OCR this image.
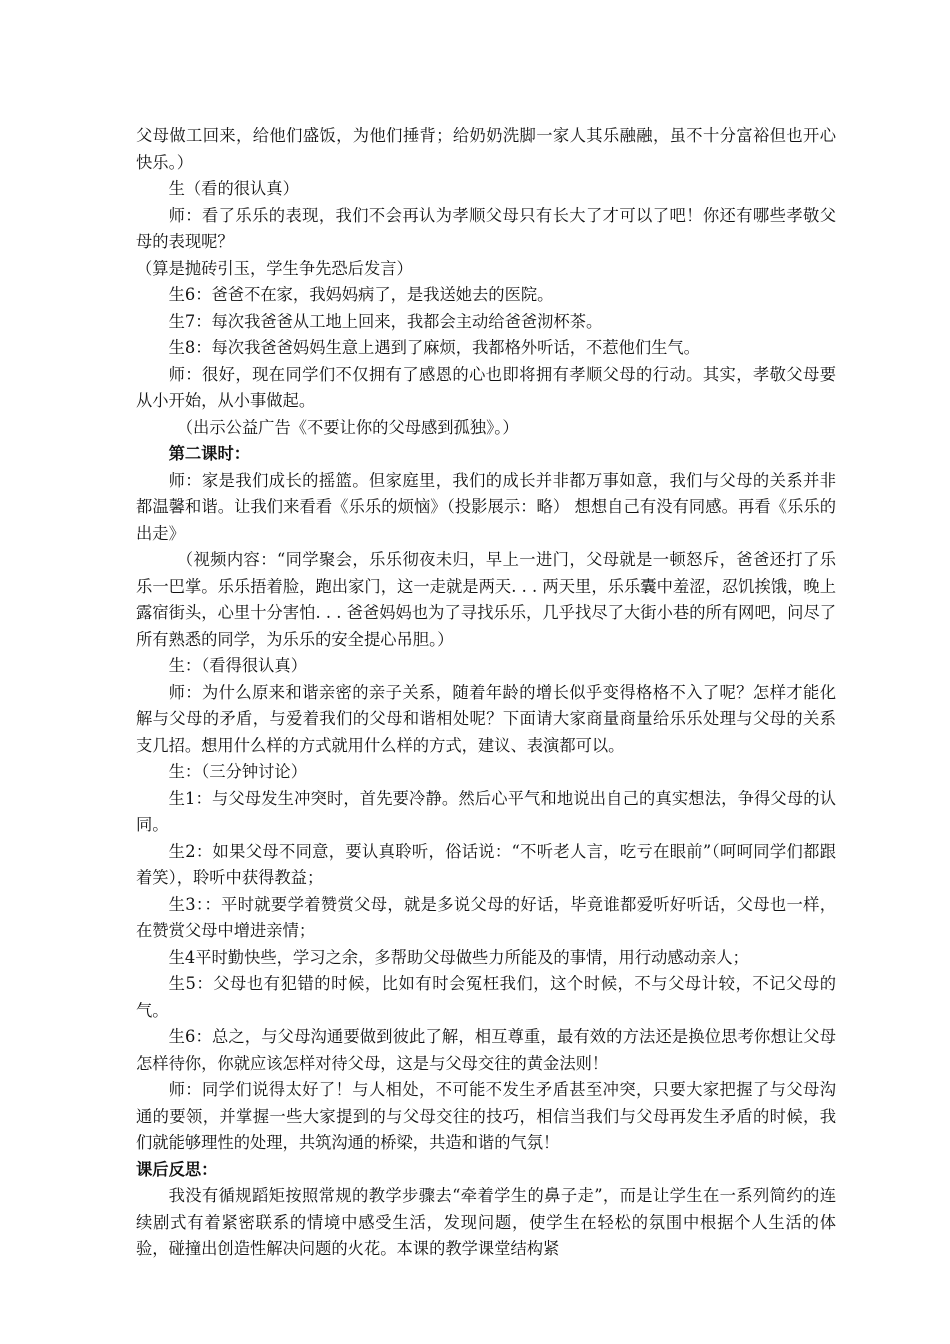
父母做工回来，给他们盛饭，为他们捶背；给奶奶洗脚一家人其乐融融，虽不十分富裕但也开心快乐。）

生（看的很认真）

师：看了乐乐的表现，我们不会再认为孝顺父母只有长大了才可以了吧！你还有哪些孝敬父母的表现呢？

（算是抛砖引玉，学生争先恐后发言）

生6：爸爸不在家，我妈妈病了，是我送她去的医院。

生7：每次我爸爸从工地上回来，我都会主动给爸爸沏杯茶。

生8：每次我爸爸妈妈生意上遇到了麻烦，我都格外听话，不惹他们生气。

师：很好，现在同学们不仅拥有了感恩的心也即将拥有孝顺父母的行动。其实，孝敬父母要从小开始，从小事做起。

（出示公益广告《不要让你的父母感到孤独》。）

第二课时：

师：家是我们成长的摇篮。但家庭里，我们的成长并非都万事如意，我们与父母的关系并非都温馨和谐。让我们来看看《乐乐的烦恼》（投影展示：略） 想想自己有没有同感。再看《乐乐的出走》

（视频内容：“同学聚会，乐乐彻夜未归，早上一进门，父母就是一顿怒斥，爸爸还打了乐乐一巴掌。乐乐捂着脸，跑出家门，这一走就是两天. . . 两天里，乐乐囊中羞涩，忍饥挨饿，晚上露宿街头，心里十分害怕. . . 爸爸妈妈也为了寻找乐乐，几乎找尽了大街小巷的所有网吧，问尽了所有熟悉的同学，为乐乐的安全提心吊胆。）

生：（看得很认真）

师：为什么原来和谐亲密的亲子关系，随着年龄的增长似乎变得格格不入了呢？怎样才能化解与父母的矛盾，与爱着我们的父母和谐相处呢？下面请大家商量商量给乐乐处理与父母的关系支几招。想用什么样的方式就用什么样的方式，建议、表演都可以。

生：（三分钟讨论）

生1：与父母发生冲突时，首先要冷静。然后心平气和地说出自己的真实想法，争得父母的认同。

生2：如果父母不同意，要认真聆听，俗话说：“不听老人言，吃亏在眼前”（呵呵同学们都跟着笑），聆听中获得教益；

生3：：平时就要学着赞赏父母，就是多说父母的好话，毕竟谁都爱听好听话，父母也一样，在赞赏父母中增进亲情；

生4平时勤快些，学习之余，多帮助父母做些力所能及的事情，用行动感动亲人；

生5：父母也有犯错的时候，比如有时会冤枉我们，这个时候，不与父母计较，不记父母的气。

生6：总之，与父母沟通要做到彼此了解，相互尊重，最有效的方法还是换位思考你想让父母怎样待你，你就应该怎样对待父母，这是与父母交往的黄金法则！

师：同学们说得太好了！与人相处，不可能不发生矛盾甚至冲突，只要大家把握了与父母沟通的要领，并掌握一些大家提到的与父母交往的技巧，相信当我们与父母再发生矛盾的时候，我们就能够理性的处理，共筑沟通的桥梁，共造和谐的气氛！

课后反思：

我没有循规蹈矩按照常规的教学步骤去“牵着学生的鼻子走”，而是让学生在一系列简约的连续剧式有着紧密联系的情境中感受生活，发现问题，使学生在轻松的氛围中根据个人生活的体验，碰撞出创造性解决问题的火花。本课的教学课堂结构紧
